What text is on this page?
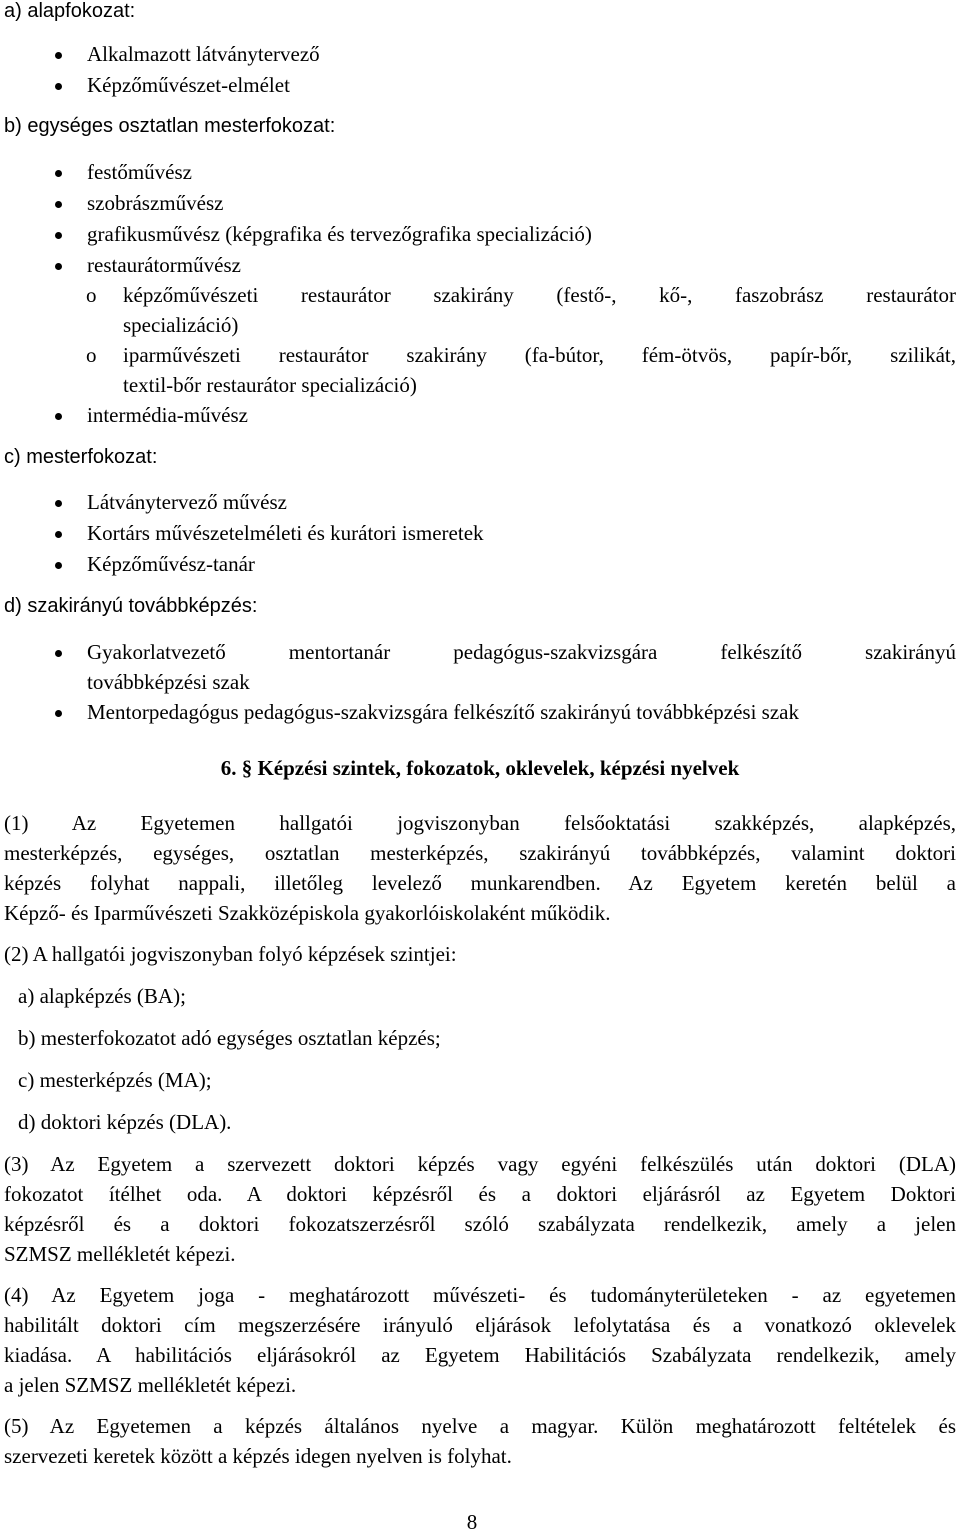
a) alapfokozat:
Alkalmazott látványtervező
Képzőművészet-elmélet
b) egységes osztatlan mesterfokozat:
festőművész
szobrászművész
grafikusművész (képgrafika és tervezőgrafika specializáció)
restaurátorművész
o képzőművészeti restaurátor szakirány (festő-, kő-, faszobrász restaurátor
specializáció)
o iparművészeti restaurátor szakirány (fa-bútor, fém-ötvös, papír-bőr, szilikát,
textil-bőr restaurátor specializáció)
intermédia-művész
c) mesterfokozat:
Látványtervező művész
Kortárs művészetelméleti és kurátori ismeretek
Képzőművész-tanár
d) szakirányú továbbképzés:
Gyakorlatvezető mentortanár pedagógus-szakvizsgára felkészítő szakirányú
továbbképzési szak
Mentorpedagógus pedagógus-szakvizsgára felkészítő szakirányú továbbképzési szak
6. § Képzési szintek, fokozatok, oklevelek, képzési nyelvek
(1) Az Egyetemen hallgatói jogviszonyban felsőoktatási szakképzés, alapképzés,
mesterképzés, egységes, osztatlan mesterképzés, szakirányú továbbképzés, valamint doktori
képzés folyhat nappali, illetőleg levelező munkarendben. Az Egyetem keretén belül a
Képző- és Iparművészeti Szakközépiskola gyakorlóiskolaként működik.
(2) A hallgatói jogviszonyban folyó képzések szintjei:
a) alapképzés (BA);
b) mesterfokozatot adó egységes osztatlan képzés;
c) mesterképzés (MA);
d) doktori képzés (DLA).
(3) Az Egyetem a szervezett doktori képzés vagy egyéni felkészülés után doktori (DLA)
fokozatot ítélhet oda. A doktori képzésről és a doktori eljárásról az Egyetem Doktori
képzésről és a doktori fokozatszerzésről szóló szabályzata rendelkezik, amely a jelen
SZMSZ mellékletét képezi.
(4) Az Egyetem joga - meghatározott művészeti- és tudományterületeken - az egyetemen
habilitált doktori cím megszerzésére irányuló eljárások lefolytatása és a vonatkozó oklevelek
kiadása. A habilitációs eljárásokról az Egyetem Habilitációs Szabályzata rendelkezik, amely
a jelen SZMSZ mellékletét képezi.
(5) Az Egyetemen a képzés általános nyelve a magyar. Külön meghatározott feltételek és
szervezeti keretek között a képzés idegen nyelven is folyhat.
8
